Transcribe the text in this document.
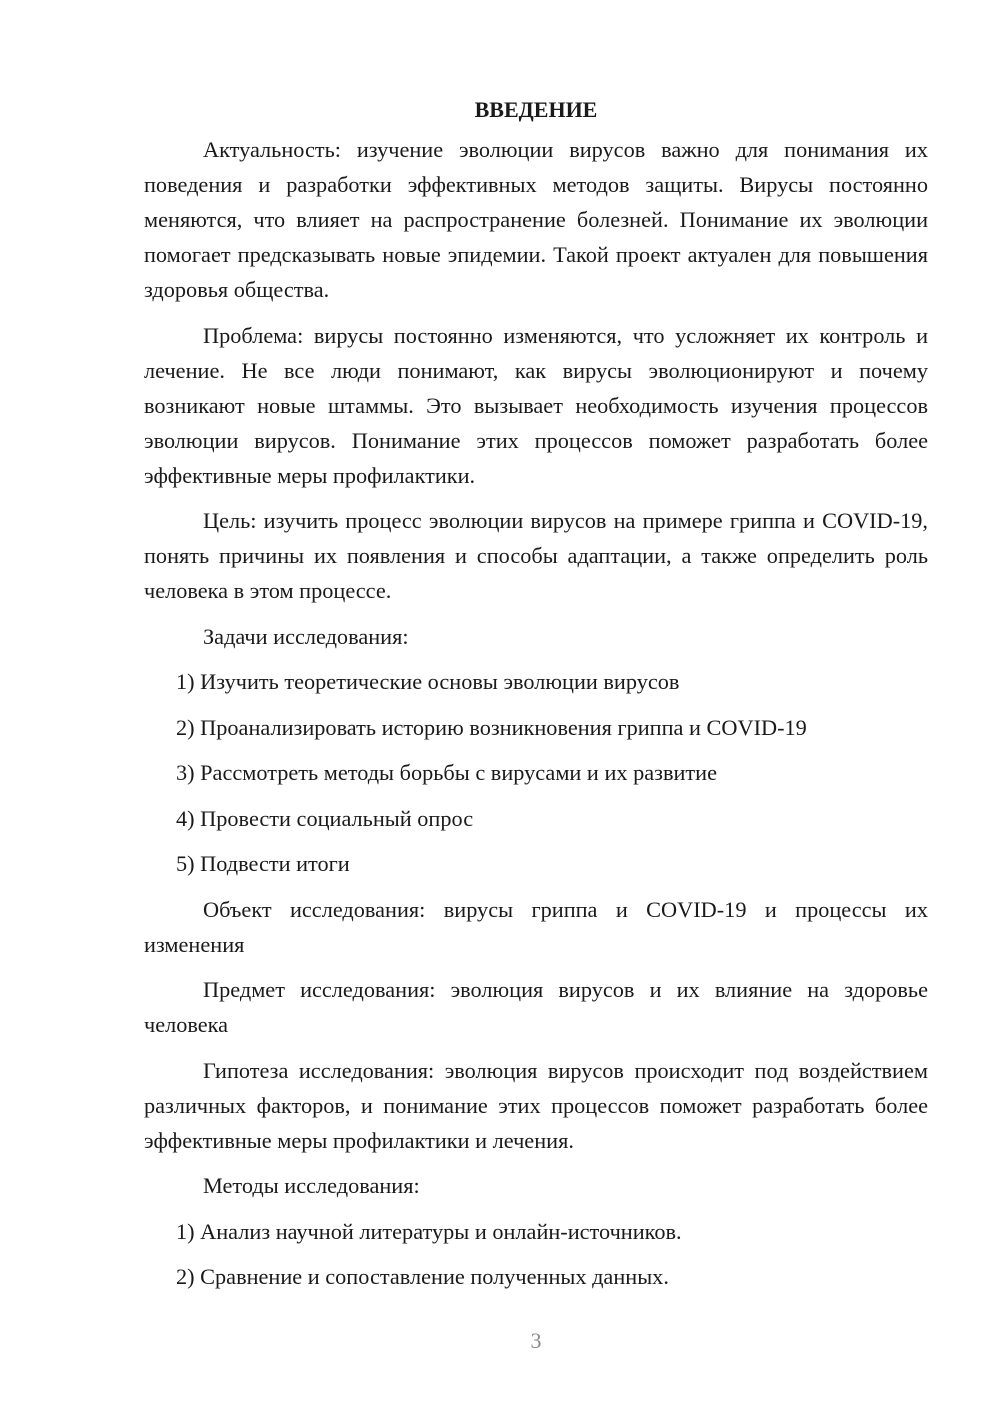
ВВЕДЕНИЕ

Актуальность: изучение эволюции вирусов важно для понимания их поведения и разработки эффективных методов защиты. Вирусы постоянно меняются, что влияет на распространение болезней. Понимание их эволюции помогает предсказывать новые эпидемии. Такой проект актуален для повышения здоровья общества.

Проблема: вирусы постоянно изменяются, что усложняет их контроль и лечение. Не все люди понимают, как вирусы эволюционируют и почему возникают новые штаммы. Это вызывает необходимость изучения процессов эволюции вирусов. Понимание этих процессов поможет разработать более эффективные меры профилактики.

Цель: изучить процесс эволюции вирусов на примере гриппа и COVID-19, понять причины их появления и способы адаптации, а также определить роль человека в этом процессе.

Задачи исследования:

1) Изучить теоретические основы эволюции вирусов

2) Проанализировать историю возникновения гриппа и COVID-19

3) Рассмотреть методы борьбы с вирусами и их развитие

4) Провести социальный опрос

5) Подвести итоги

Объект исследования: вирусы гриппа и COVID-19 и процессы их изменения

Предмет исследования: эволюция вирусов и их влияние на здоровье человека

Гипотеза исследования: эволюция вирусов происходит под воздействием различных факторов, и понимание этих процессов поможет разработать более эффективные меры профилактики и лечения.

Методы исследования:

1) Анализ научной литературы и онлайн-источников.

2) Сравнение и сопоставление полученных данных.

3
